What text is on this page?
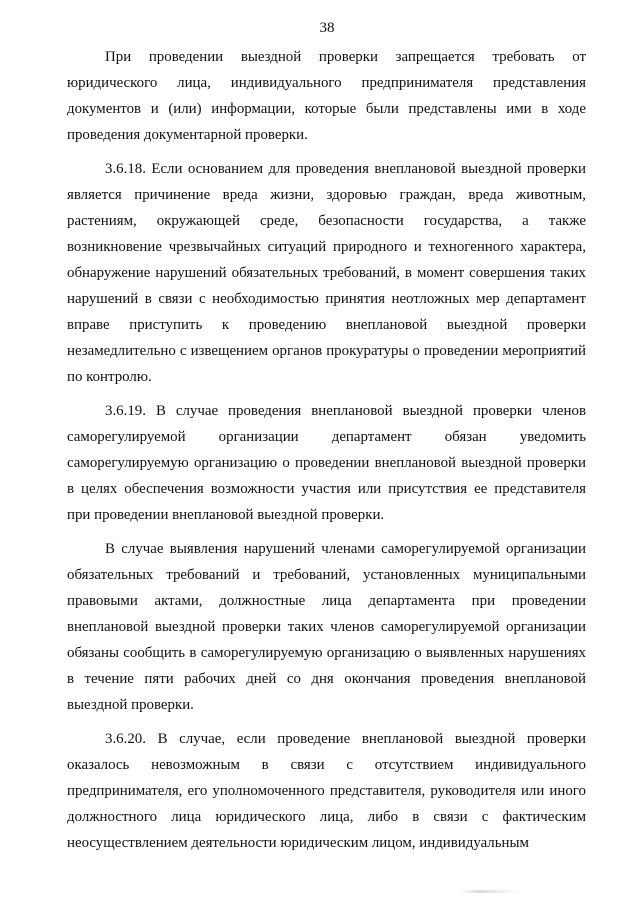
38

При проведении выездной проверки запрещается требовать от юридического лица, индивидуального предпринимателя представления документов и (или) информации, которые были представлены ими в ходе проведения документарной проверки.

3.6.18. Если основанием для проведения внеплановой выездной проверки является причинение вреда жизни, здоровью граждан, вреда животным, растениям, окружающей среде, безопасности государства, а также возникновение чрезвычайных ситуаций природного и техногенного характера, обнаружение нарушений обязательных требований, в момент совершения таких нарушений в связи с необходимостью принятия неотложных мер департамент вправе приступить к проведению внеплановой выездной проверки незамедлительно с извещением органов прокуратуры о проведении мероприятий по контролю.

3.6.19. В случае проведения внеплановой выездной проверки членов саморегулируемой организации департамент обязан уведомить саморегулируемую организацию о проведении внеплановой выездной проверки в целях обеспечения возможности участия или присутствия ее представителя при проведении внеплановой выездной проверки.

В случае выявления нарушений членами саморегулируемой организации обязательных требований и требований, установленных муниципальными правовыми актами, должностные лица департамента при проведении внеплановой выездной проверки таких членов саморегулируемой организации обязаны сообщить в саморегулируемую организацию о выявленных нарушениях в течение пяти рабочих дней со дня окончания проведения внеплановой выездной проверки.

3.6.20. В случае, если проведение внеплановой выездной проверки оказалось невозможным в связи с отсутствием индивидуального предпринимателя, его уполномоченного представителя, руководителя или иного должностного лица юридического лица, либо в связи с фактическим неосуществлением деятельности юридическим лицом, индивидуальным
